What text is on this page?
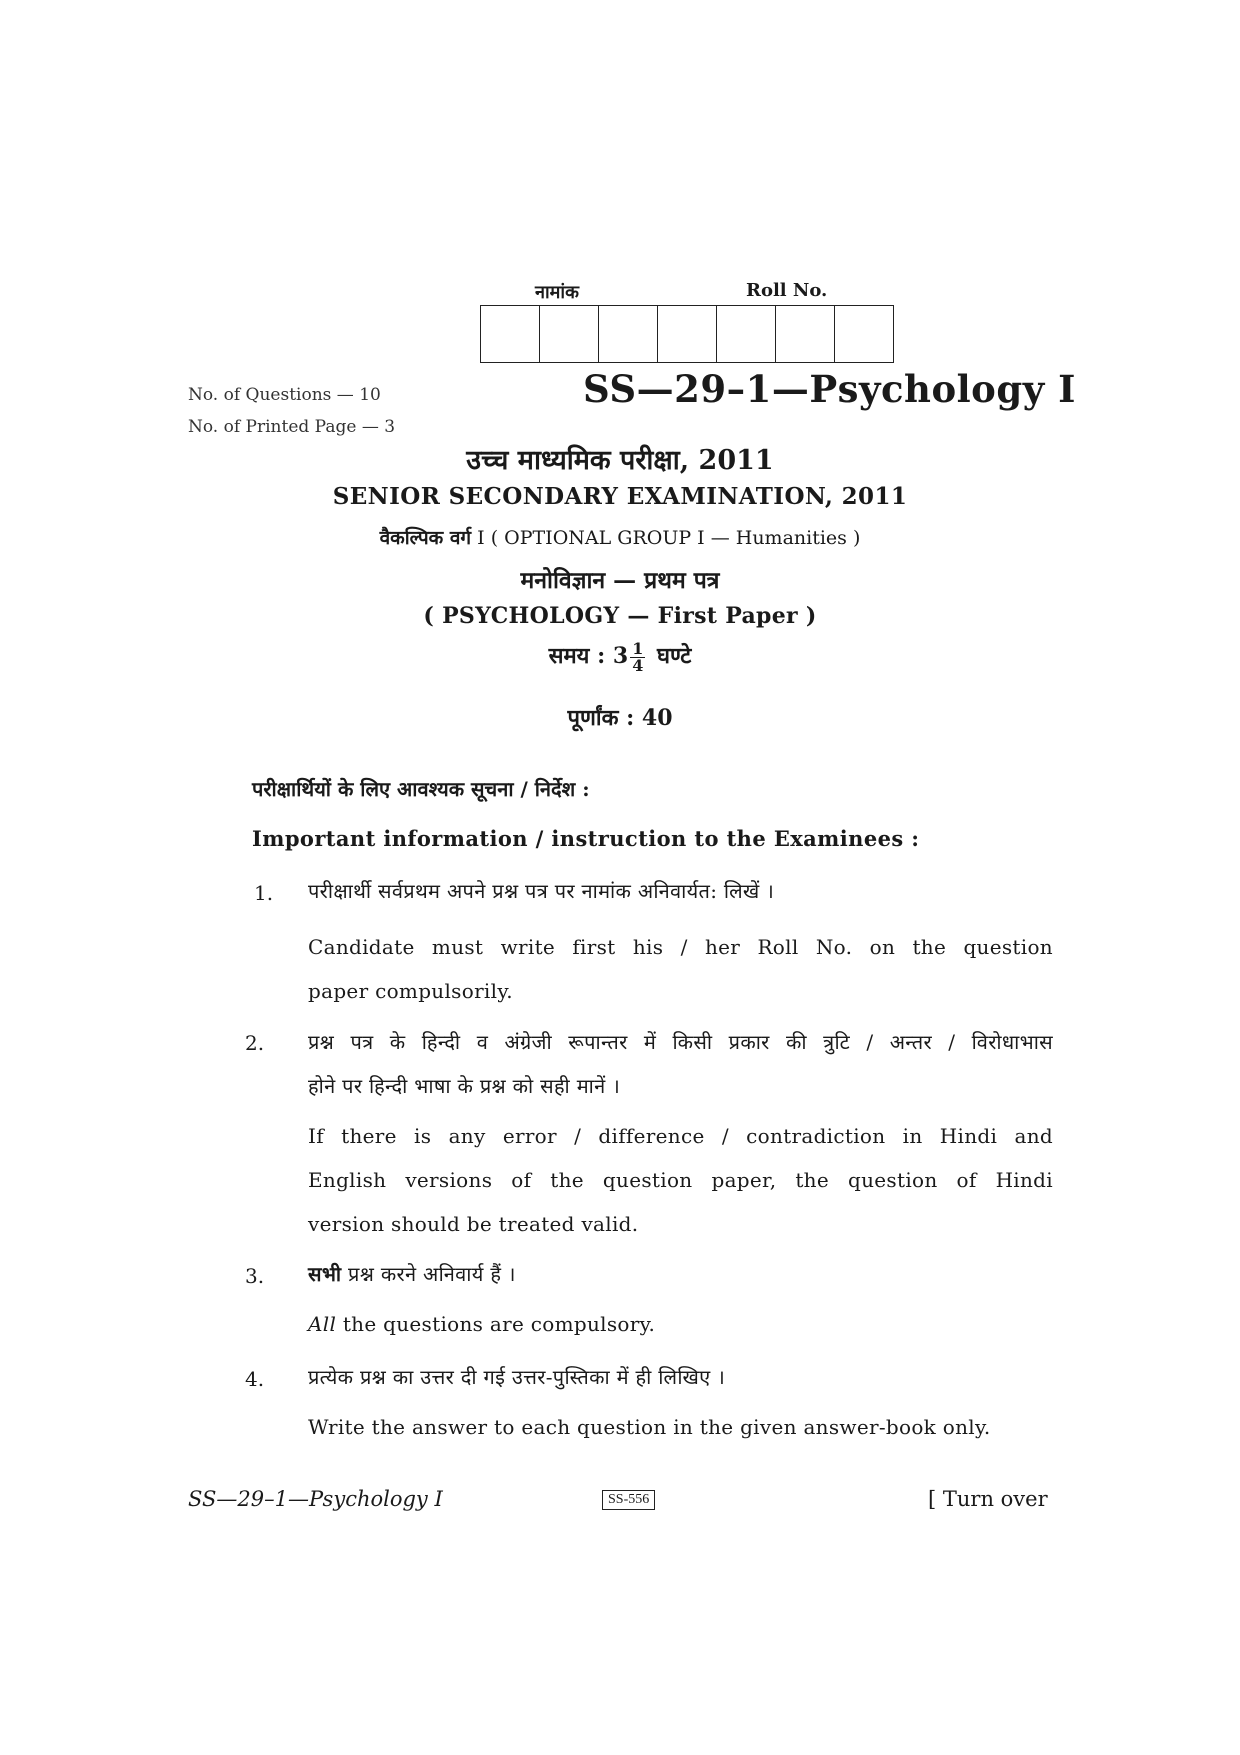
नामांक	Roll No.
No. of Questions — 10
No. of Printed Page — 3
SS—29–1—Psychology I
उच्च माध्यमिक परीक्षा, 2011
SENIOR SECONDARY EXAMINATION, 2011
वैकल्पिक वर्ग I ( OPTIONAL GROUP I — Humanities )
मनोविज्ञान — प्रथम पत्र
( PSYCHOLOGY — First Paper )
समय : $3 \frac{1}{4}$ घण्टे
पूर्णांक : 40
परीक्षार्थियों के लिए आवश्यक सूचना / निर्देश :
Important information / instruction to the Examinees :
1. परीक्षार्थी सर्वप्रथम अपने प्रश्न पत्र पर नामांक अनिवार्यत: लिखें ।
Candidate must write first his / her Roll No. on the question
paper compulsorily.
2. प्रश्न पत्र के हिन्दी व अंग्रेजी रूपान्तर में किसी प्रकार की त्रुटि / अन्तर / विरोधाभास
होने पर हिन्दी भाषा के प्रश्न को सही मानें ।
If there is any error / difference / contradiction in Hindi and
English versions of the question paper, the question of Hindi
version should be treated valid.
3. सभी प्रश्न करने अनिवार्य हैं ।
All the questions are compulsory.
4. प्रत्येक प्रश्न का उत्तर दी गई उत्तर-पुस्तिका में ही लिखिए ।
Write the answer to each question in the given answer-book only.
SS—29–1—Psychology I	SS-556	[ Turn over
